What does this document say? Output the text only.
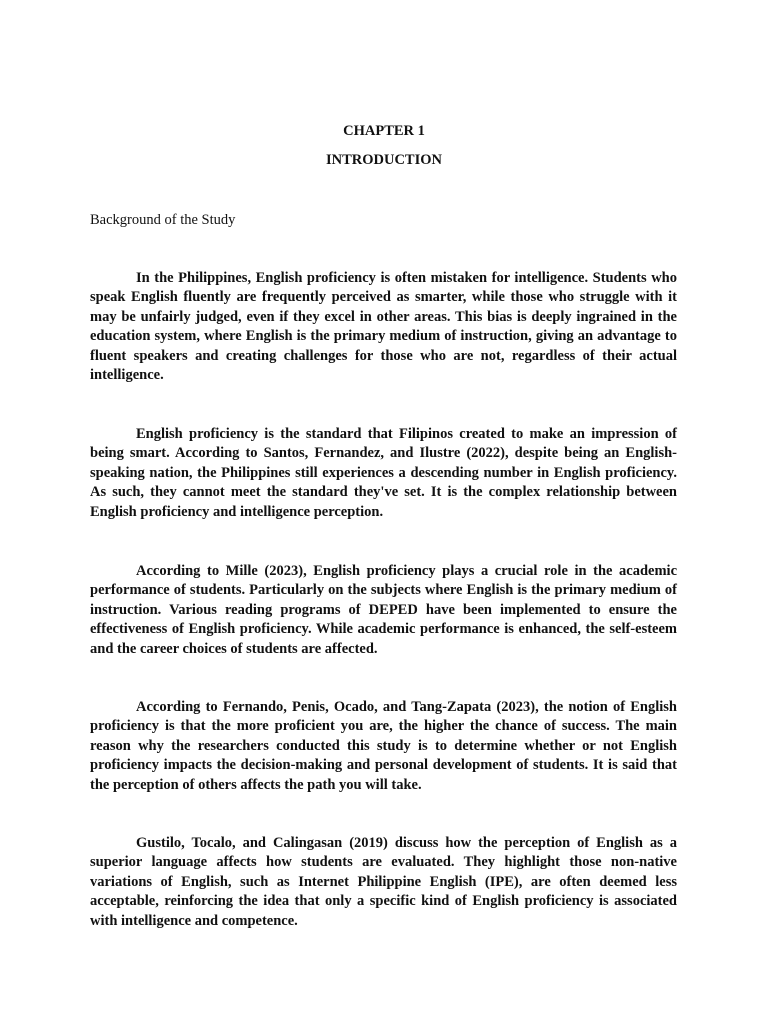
CHAPTER 1
INTRODUCTION
Background of the Study

In the Philippines, English proficiency is often mistaken for intelligence. Students who speak English fluently are frequently perceived as smarter, while those who struggle with it may be unfairly judged, even if they excel in other areas. This bias is deeply ingrained in the education system, where English is the primary medium of instruction, giving an advantage to fluent speakers and creating challenges for those who are not, regardless of their actual intelligence.

English proficiency is the standard that Filipinos created to make an impression of being smart. According to Santos, Fernandez, and Ilustre (2022), despite being an English-speaking nation, the Philippines still experiences a descending number in English proficiency. As such, they cannot meet the standard they've set. It is the complex relationship between English proficiency and intelligence perception.

According to Mille (2023), English proficiency plays a crucial role in the academic performance of students. Particularly on the subjects where English is the primary medium of instruction. Various reading programs of DEPED have been implemented to ensure the effectiveness of English proficiency. While academic performance is enhanced, the self-esteem and the career choices of students are affected.

According to Fernando, Penis, Ocado, and Tang-Zapata (2023), the notion of English proficiency is that the more proficient you are, the higher the chance of success. The main reason why the researchers conducted this study is to determine whether or not English proficiency impacts the decision-making and personal development of students. It is said that the perception of others affects the path you will take.

Gustilo, Tocalo, and Calingasan (2019) discuss how the perception of English as a superior language affects how students are evaluated. They highlight those non-native variations of English, such as Internet Philippine English (IPE), are often deemed less acceptable, reinforcing the idea that only a specific kind of English proficiency is associated with intelligence and competence.
